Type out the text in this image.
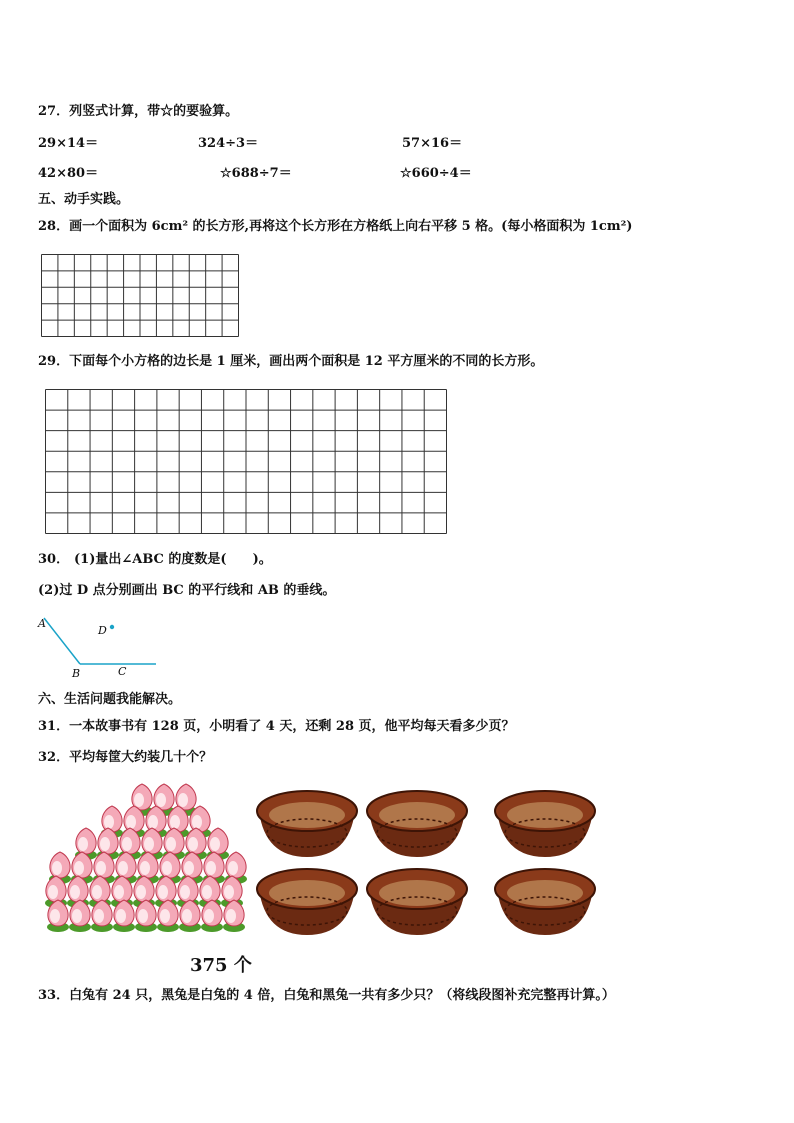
27．列竖式计算，带☆的要验算。
29×14＝	324÷3＝	57×16＝
42×80＝	☆688÷7＝	☆660÷4＝
五、动手实践。
28．画一个面积为 6cm² 的长方形,再将这个长方形在方格纸上向右平移 5 格。(每小格面积为 1cm²)
29．下面每个小方格的边长是 1 厘米，画出两个面积是 12 平方厘米的不同的长方形。
30． (1)量出∠ABC 的度数是(　　)。
(2)过 D 点分别画出 BC 的平行线和 AB 的垂线。
A
D
B	C
六、生活问题我能解决。
31．一本故事书有 128 页，小明看了 4 天，还剩 28 页，他平均每天看多少页？
32．平均每筐大约装几十个？
375 个
33．白兔有 24 只，黑兔是白兔的 4 倍，白兔和黑兔一共有多少只？（将线段图补充完整再计算。）
